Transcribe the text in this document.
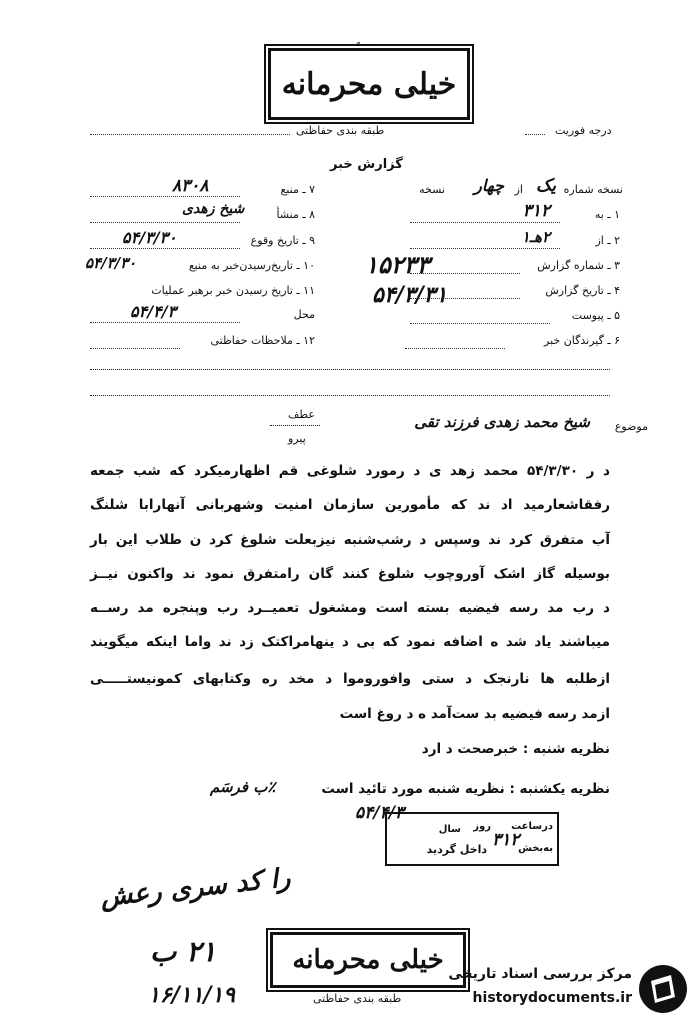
...ـه
خیلی محرمانه
طبقه بندی حفاظتی	درجه فوریت
گزارش خبر
نسخه شماره
یک
از
چهار
نسخه
۱ ـ به
۳۱۲
۲ ـ از
۲هـ۱
۳ ـ شماره گزارش
۱۵۲۳۳
۴ ـ تاریخ گزارش
۵۴/۳/۳۱
۵ ـ پیوست
۶ ـ گیرندگان خبر
۷ ـ منبع
۸۳۰۸
۸ ـ منشأ
شیخ زهدی
۹ ـ تاریخ وقوع
۵۴/۳/۳۰
۱۰ ـ تاریخ‌رسیدن‌خبر به منبع
۵۴/۳/۳۰
۱۱ ـ تاریخ رسیدن خبر برهبر عملیات
محل
۵۴/۴/۳
۱۲ ـ ملاحظات حفاظتی
موضوع
شیخ محمد زهدی فرزند تقی
عطف
پیرو
د ر ۵۴/۳/۳۰ محمد زهد ی د رمورد شلوغی قم اظهارمیکرد که شب جمعه
رفقاشعارمید اد ند که مأمورین سازمان امنیت وشهربانی آنهارابا شلنگ
آب متفرق کرد ند وسپس د رشب‌شنبه نیزبعلت شلوغ کرد ن طلاب این بار
بوسیله گاز اشک آوروچوب شلوغ کنند گان رامتفرق نمود ند واکنون نیــز
د رب مد رسه فیضیه بسته است ومشغول تعمیــرد رب وپنجره مد رســه
میباشند یاد شد ه اضافه نمود که بی د ینهامراکتک زد ند واما اینکه میگویند
ازطلبه ها نارنجک د ستی وافوروموا د مخد ره وکتابهای کمونیستـــــی
ازمد رسه فیضیه بد ست‌آمد ه د روغ است
نظریه شنبه : خبرصحت د ارد
نظریه یکشنبه : نظریه شنبه مورد تائید است
٪ب فرسَم
درساعت
روز
سال
به‌بخش
داخل گردید
۵۴/۴/۳
۳۱۲
را کد سری رعش
۲۱ ب
۱۶/۱۱/۱۹
خیلی محرمانه
طبقه بندی حفاظتی
مرکز بررسی اسناد تاریخی
historydocuments.ir
